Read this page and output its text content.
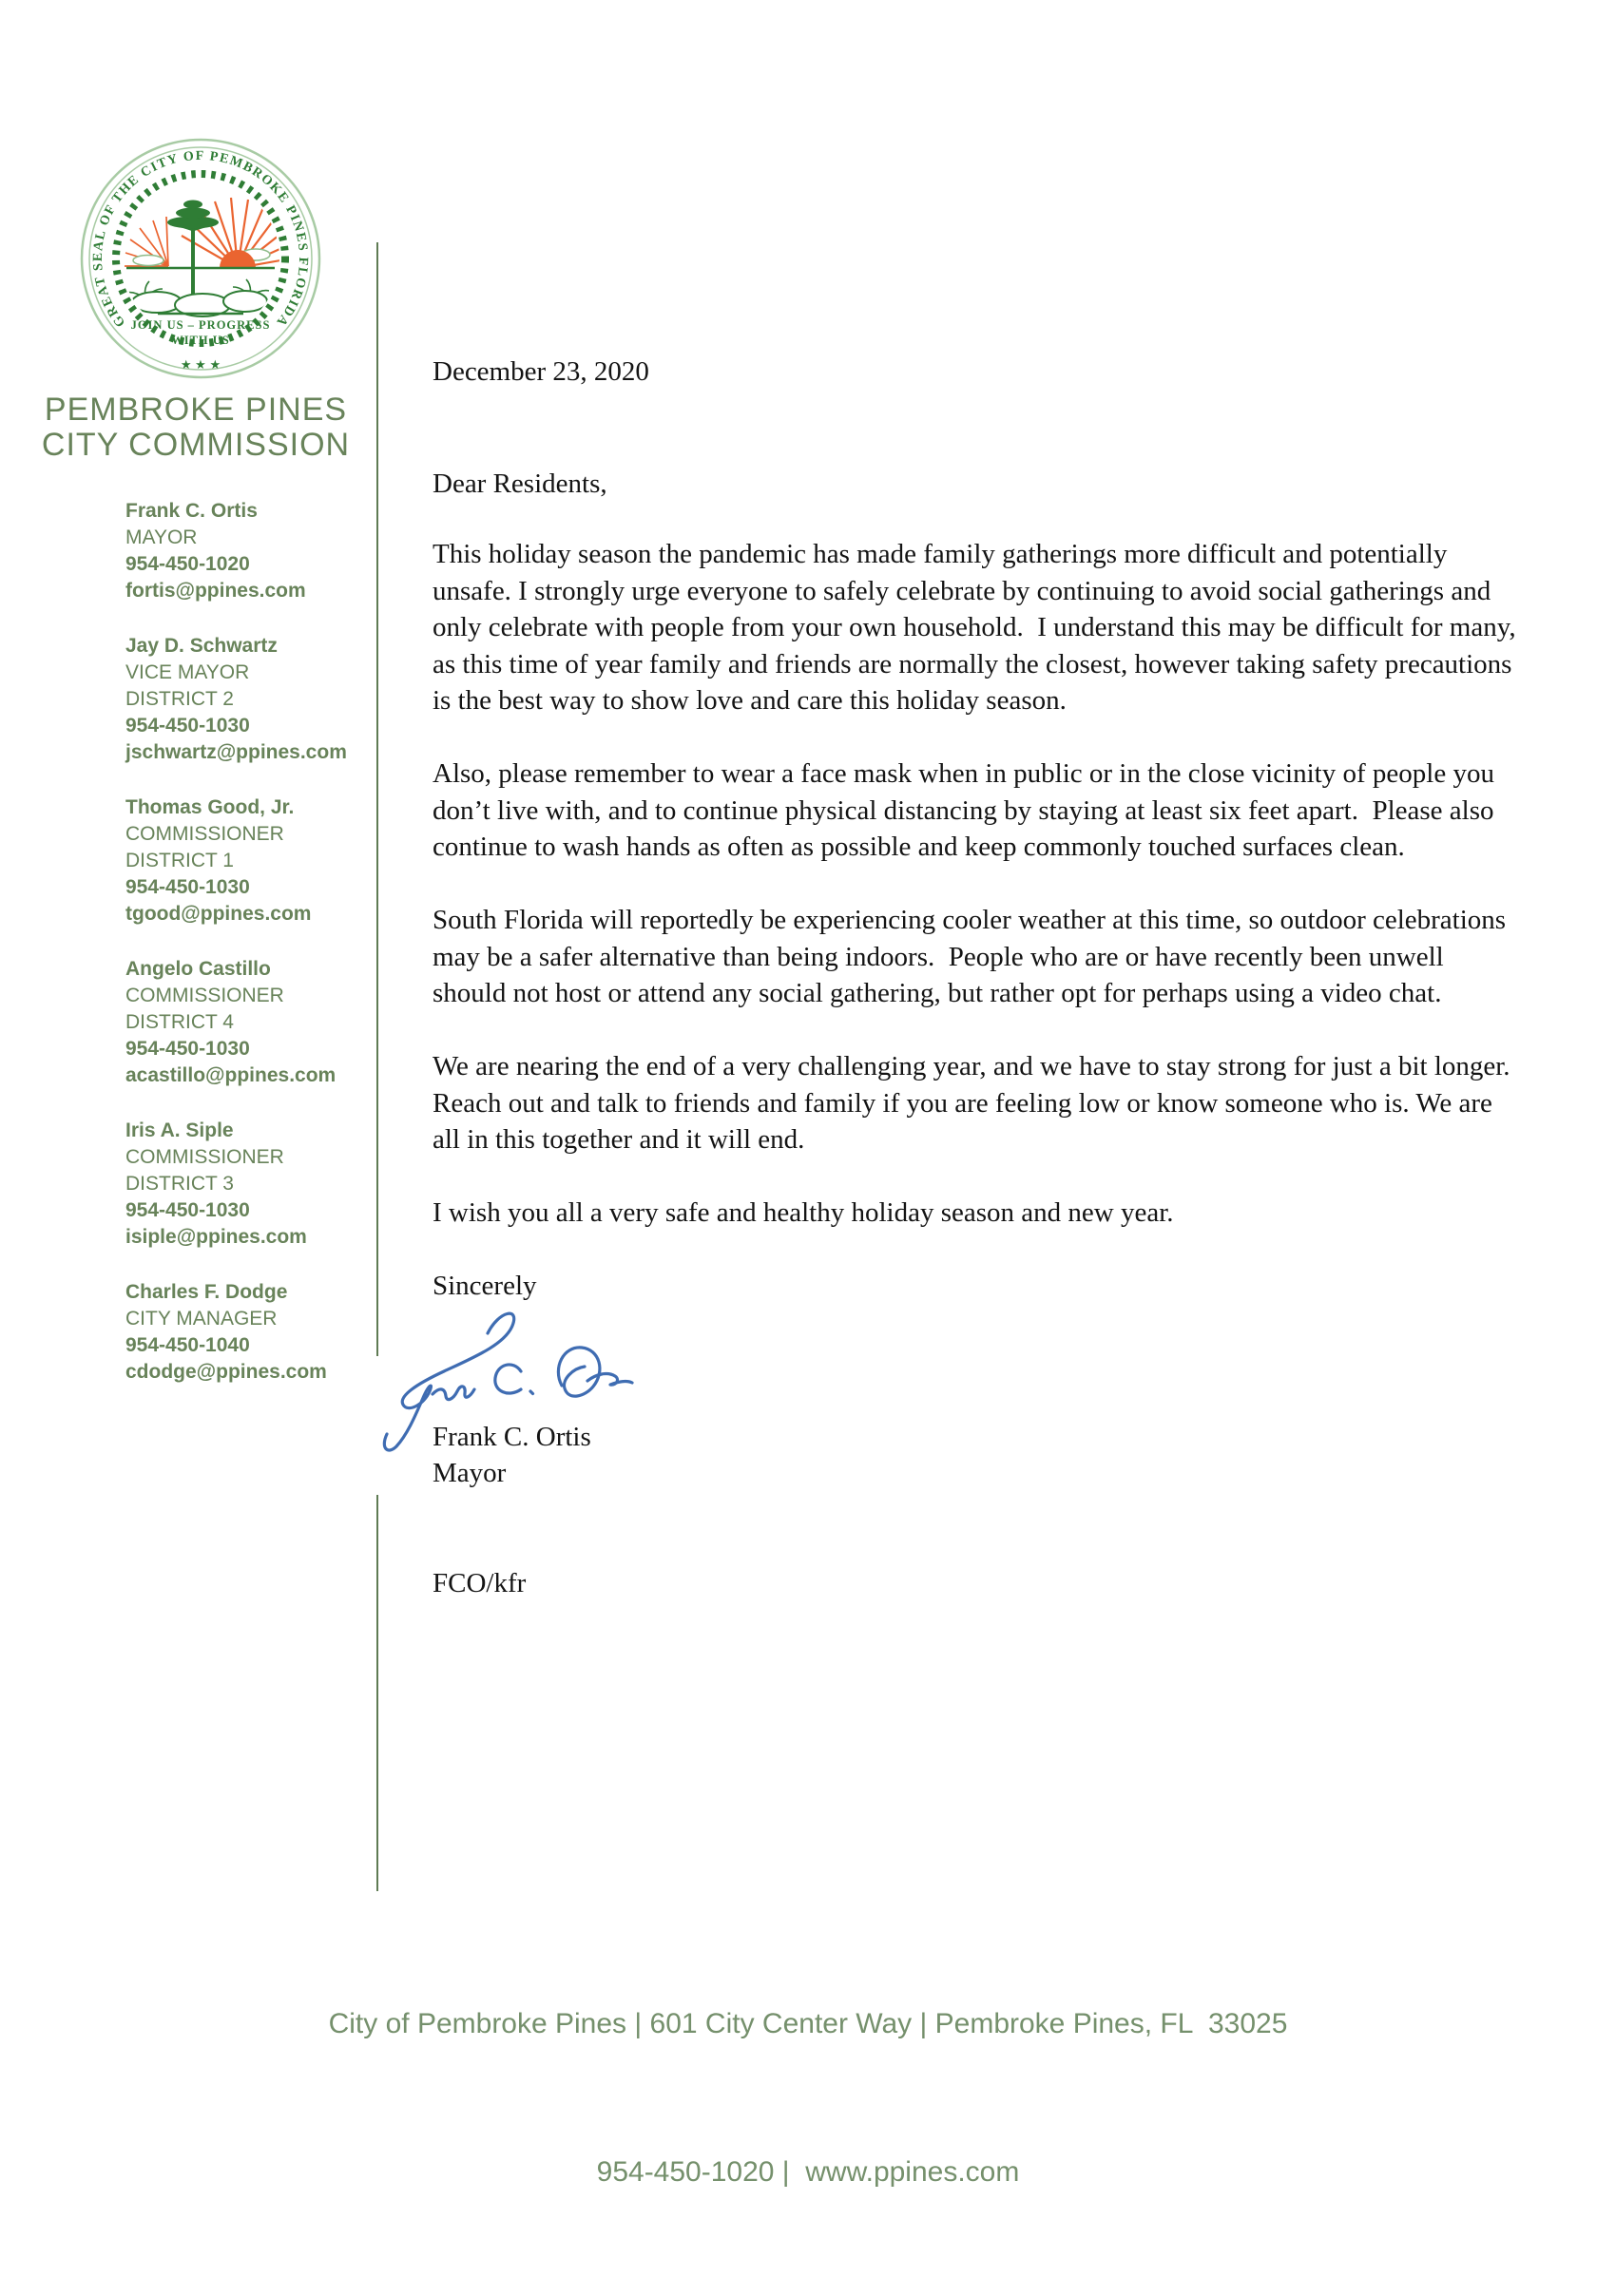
GREAT SEAL OF THE CITY OF PEMBROKE PINES FLORIDA
★ ★ ★
JOIN US – PROGRESS
WITH US
PEMBROKE PINES
CITY COMMISSION
Frank C. Ortis
MAYOR
954-450-1020
fortis@ppines.com
Jay D. Schwartz
VICE MAYOR
DISTRICT 2
954-450-1030
jschwartz@ppines.com
Thomas Good, Jr.
COMMISSIONER
DISTRICT 1
954-450-1030
tgood@ppines.com
Angelo Castillo
COMMISSIONER
DISTRICT 4
954-450-1030
acastillo@ppines.com
Iris A. Siple
COMMISSIONER
DISTRICT 3
954-450-1030
isiple@ppines.com
Charles F. Dodge
CITY MANAGER
954-450-1040
cdodge@ppines.com

December 23, 2020

Dear Residents,

This holiday season the pandemic has made family gatherings more difficult and potentially unsafe. I strongly urge everyone to safely celebrate by continuing to avoid social gatherings and only celebrate with people from your own household.  I understand this may be difficult for many, as this time of year family and friends are normally the closest, however taking safety precautions is the best way to show love and care this holiday season.

Also, please remember to wear a face mask when in public or in the close vicinity of people you don’t live with, and to continue physical distancing by staying at least six feet apart.  Please also continue to wash hands as often as possible and keep commonly touched surfaces clean.

South Florida will reportedly be experiencing cooler weather at this time, so outdoor celebrations may be a safer alternative than being indoors.  People who are or have recently been unwell should not host or attend any social gathering, but rather opt for perhaps using a video chat.

We are nearing the end of a very challenging year, and we have to stay strong for just a bit longer. Reach out and talk to friends and family if you are feeling low or know someone who is. We are all in this together and it will end.

I wish you all a very safe and healthy holiday season and new year.

Sincerely

Frank C. Ortis

Mayor

FCO/kfr

City of Pembroke Pines | 601 City Center Way | Pembroke Pines, FL  33025

954-450-1020 |  www.ppines.com
